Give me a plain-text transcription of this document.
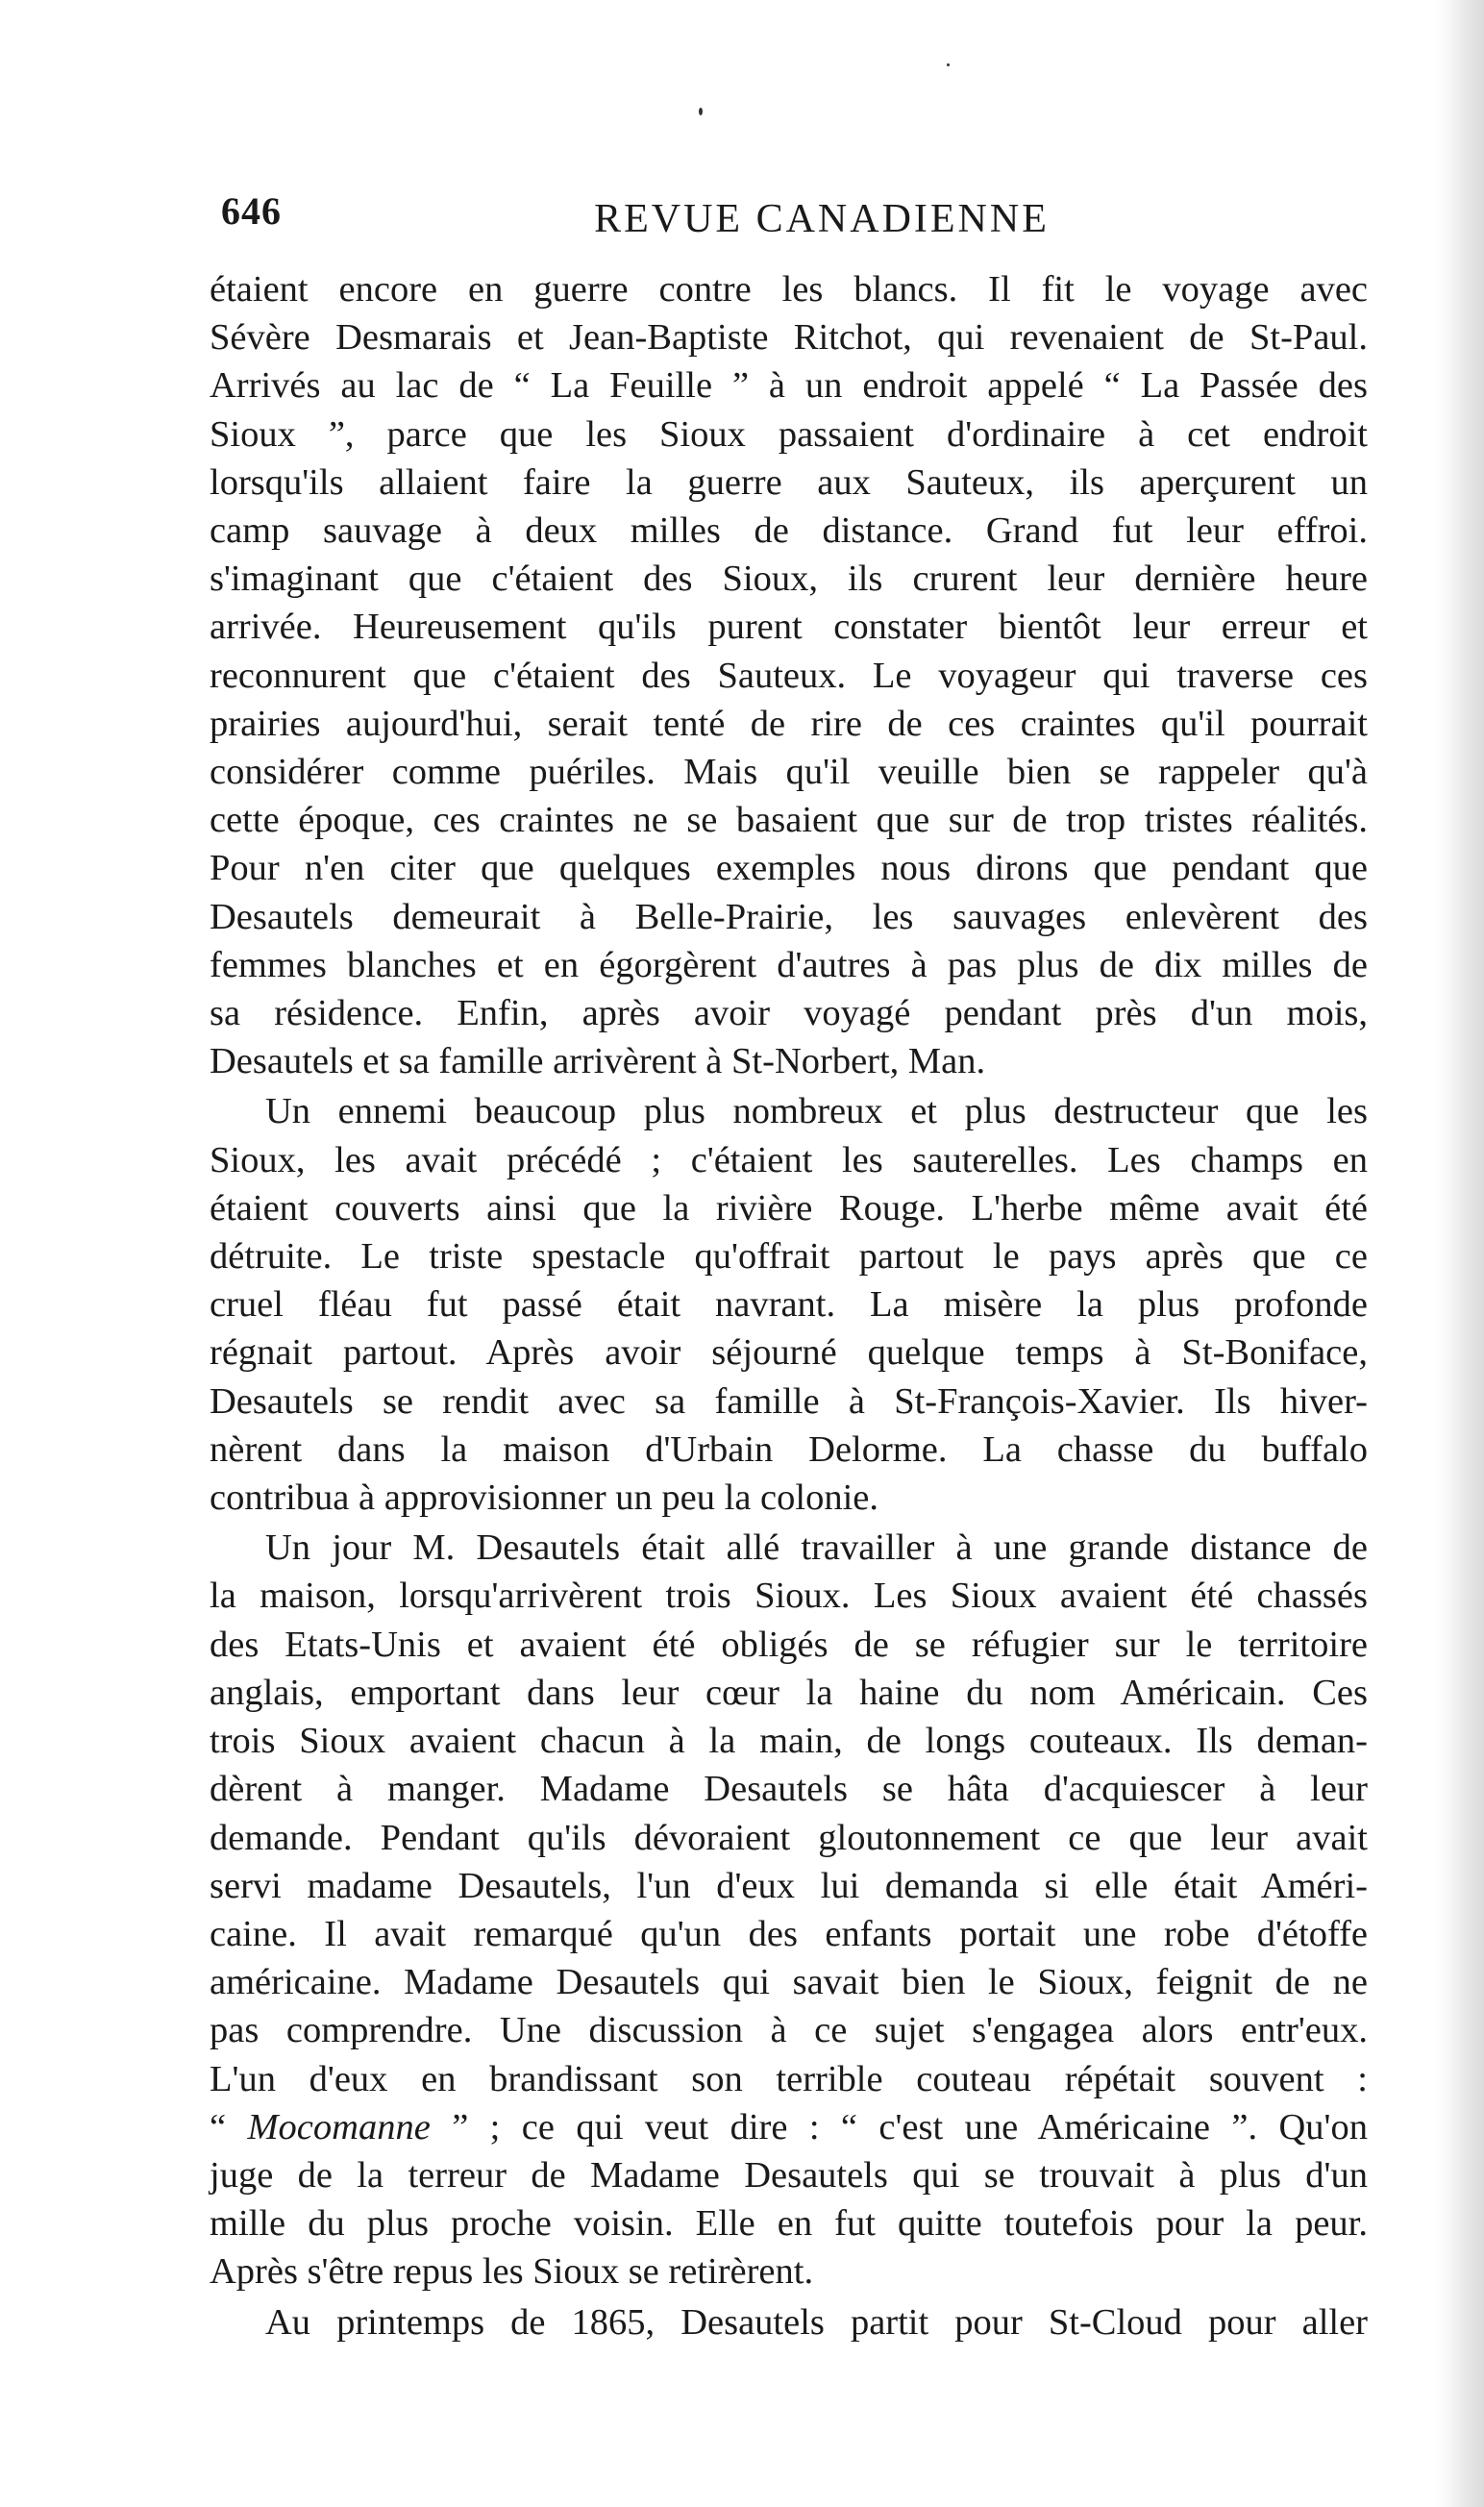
646	REVUE CANADIENNE
étaient encore en guerre contre les blancs. Il fit le voyage avec
Sévère Desmarais et Jean-Baptiste Ritchot, qui revenaient de St-Paul.
Arrivés au lac de “ La Feuille ” à un endroit appelé “ La Passée des
Sioux ”, parce que les Sioux passaient d'ordinaire à cet endroit
lorsqu'ils allaient faire la guerre aux Sauteux, ils aperçurent un
camp sauvage à deux milles de distance. Grand fut leur effroi.
s'imaginant que c'étaient des Sioux, ils crurent leur dernière heure
arrivée. Heureusement qu'ils purent constater bientôt leur erreur et
reconnurent que c'étaient des Sauteux. Le voyageur qui traverse ces
prairies aujourd'hui, serait tenté de rire de ces craintes qu'il pourrait
considérer comme puériles. Mais qu'il veuille bien se rappeler qu'à
cette époque, ces craintes ne se basaient que sur de trop tristes réalités.
Pour n'en citer que quelques exemples nous dirons que pendant que
Desautels demeurait à Belle-Prairie, les sauvages enlevèrent des
femmes blanches et en égorgèrent d'autres à pas plus de dix milles de
sa résidence. Enfin, après avoir voyagé pendant près d'un mois,
Desautels et sa famille arrivèrent à St-Norbert, Man.
Un ennemi beaucoup plus nombreux et plus destructeur que les
Sioux, les avait précédé ; c'étaient les sauterelles. Les champs en
étaient couverts ainsi que la rivière Rouge. L'herbe même avait été
détruite. Le triste spestacle qu'offrait partout le pays après que ce
cruel fléau fut passé était navrant. La misère la plus profonde
régnait partout. Après avoir séjourné quelque temps à St-Boniface,
Desautels se rendit avec sa famille à St-François-Xavier. Ils hiver-
nèrent dans la maison d'Urbain Delorme. La chasse du buffalo
contribua à approvisionner un peu la colonie.
Un jour M. Desautels était allé travailler à une grande distance de
la maison, lorsqu'arrivèrent trois Sioux. Les Sioux avaient été chassés
des Etats-Unis et avaient été obligés de se réfugier sur le territoire
anglais, emportant dans leur cœur la haine du nom Américain. Ces
trois Sioux avaient chacun à la main, de longs couteaux. Ils deman-
dèrent à manger. Madame Desautels se hâta d'acquiescer à leur
demande. Pendant qu'ils dévoraient gloutonnement ce que leur avait
servi madame Desautels, l'un d'eux lui demanda si elle était Améri-
caine. Il avait remarqué qu'un des enfants portait une robe d'étoffe
américaine. Madame Desautels qui savait bien le Sioux, feignit de ne
pas comprendre. Une discussion à ce sujet s'engagea alors entr'eux.
L'un d'eux en brandissant son terrible couteau répétait souvent :
“ Mocomanne ” ; ce qui veut dire : “ c'est une Américaine ”. Qu'on
juge de la terreur de Madame Desautels qui se trouvait à plus d'un
mille du plus proche voisin. Elle en fut quitte toutefois pour la peur.
Après s'être repus les Sioux se retirèrent.
Au printemps de 1865, Desautels partit pour St-Cloud pour aller
